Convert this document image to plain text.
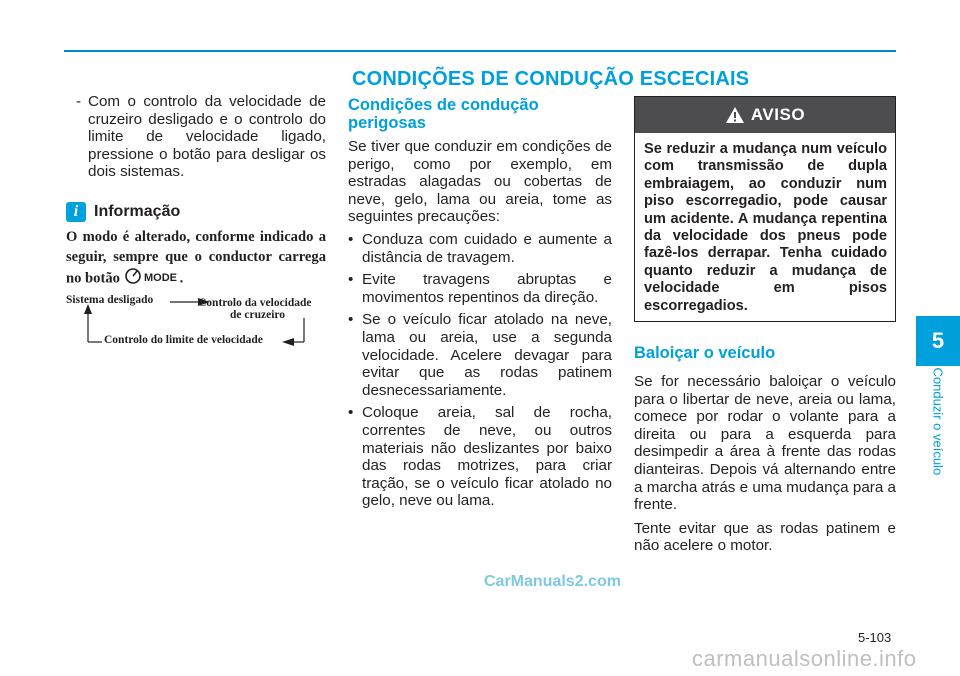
CONDIÇÕES DE CONDUÇÃO ESCECIAIS
- Com o controlo da velocidade de cruzeiro desligado e o controlo do limite de velocidade ligado, pressione o botão para desligar os dois sistemas.

i Informação

O modo é alterado, conforme indicado a seguir, sempre que o conductor carrega no botão MODE .

Sistema desligado	Controlo da velocidade
de cruzeiro
Controlo do limite de velocidade
Condições de condução
perigosas

Se tiver que conduzir em condições de perigo, como por exemplo, em estradas alagadas ou cobertas de neve, gelo, lama ou areia, tome as seguintes precauções:

• Conduza com cuidado e aumente a distância de travagem.
• Evite travagens abruptas e movimentos repentinos da direção.
• Se o veículo ficar atolado na neve, lama ou areia, use a segunda velocidade. Acelere devagar para evitar que as rodas patinem desnecessariamente.
• Coloque areia, sal de rocha, correntes de neve, ou outros materiais não deslizantes por baixo das rodas motrizes, para criar tração, se o veículo ficar atolado no gelo, neve ou lama.
AVISO

Se reduzir a mudança num veículo com transmissão de dupla embraiagem, ao conduzir num piso escorregadio, pode causar um acidente. A mudança repentina da velocidade dos pneus pode fazê-los derrapar. Tenha cuidado quanto reduzir a mudança de velocidade em pisos escorregadios.

Baloiçar o veículo

Se for necessário baloiçar o veículo para o libertar de neve, areia ou lama, comece por rodar o volante para a direita ou para a esquerda para desimpedir a área à frente das rodas dianteiras. Depois vá alternando entre a marcha atrás e uma mudança para a frente.

Tente evitar que as rodas patinem e não acelere o motor.

5
Conduzir o veículo
CarManuals2.com
5-103
carmanualsonline.info
